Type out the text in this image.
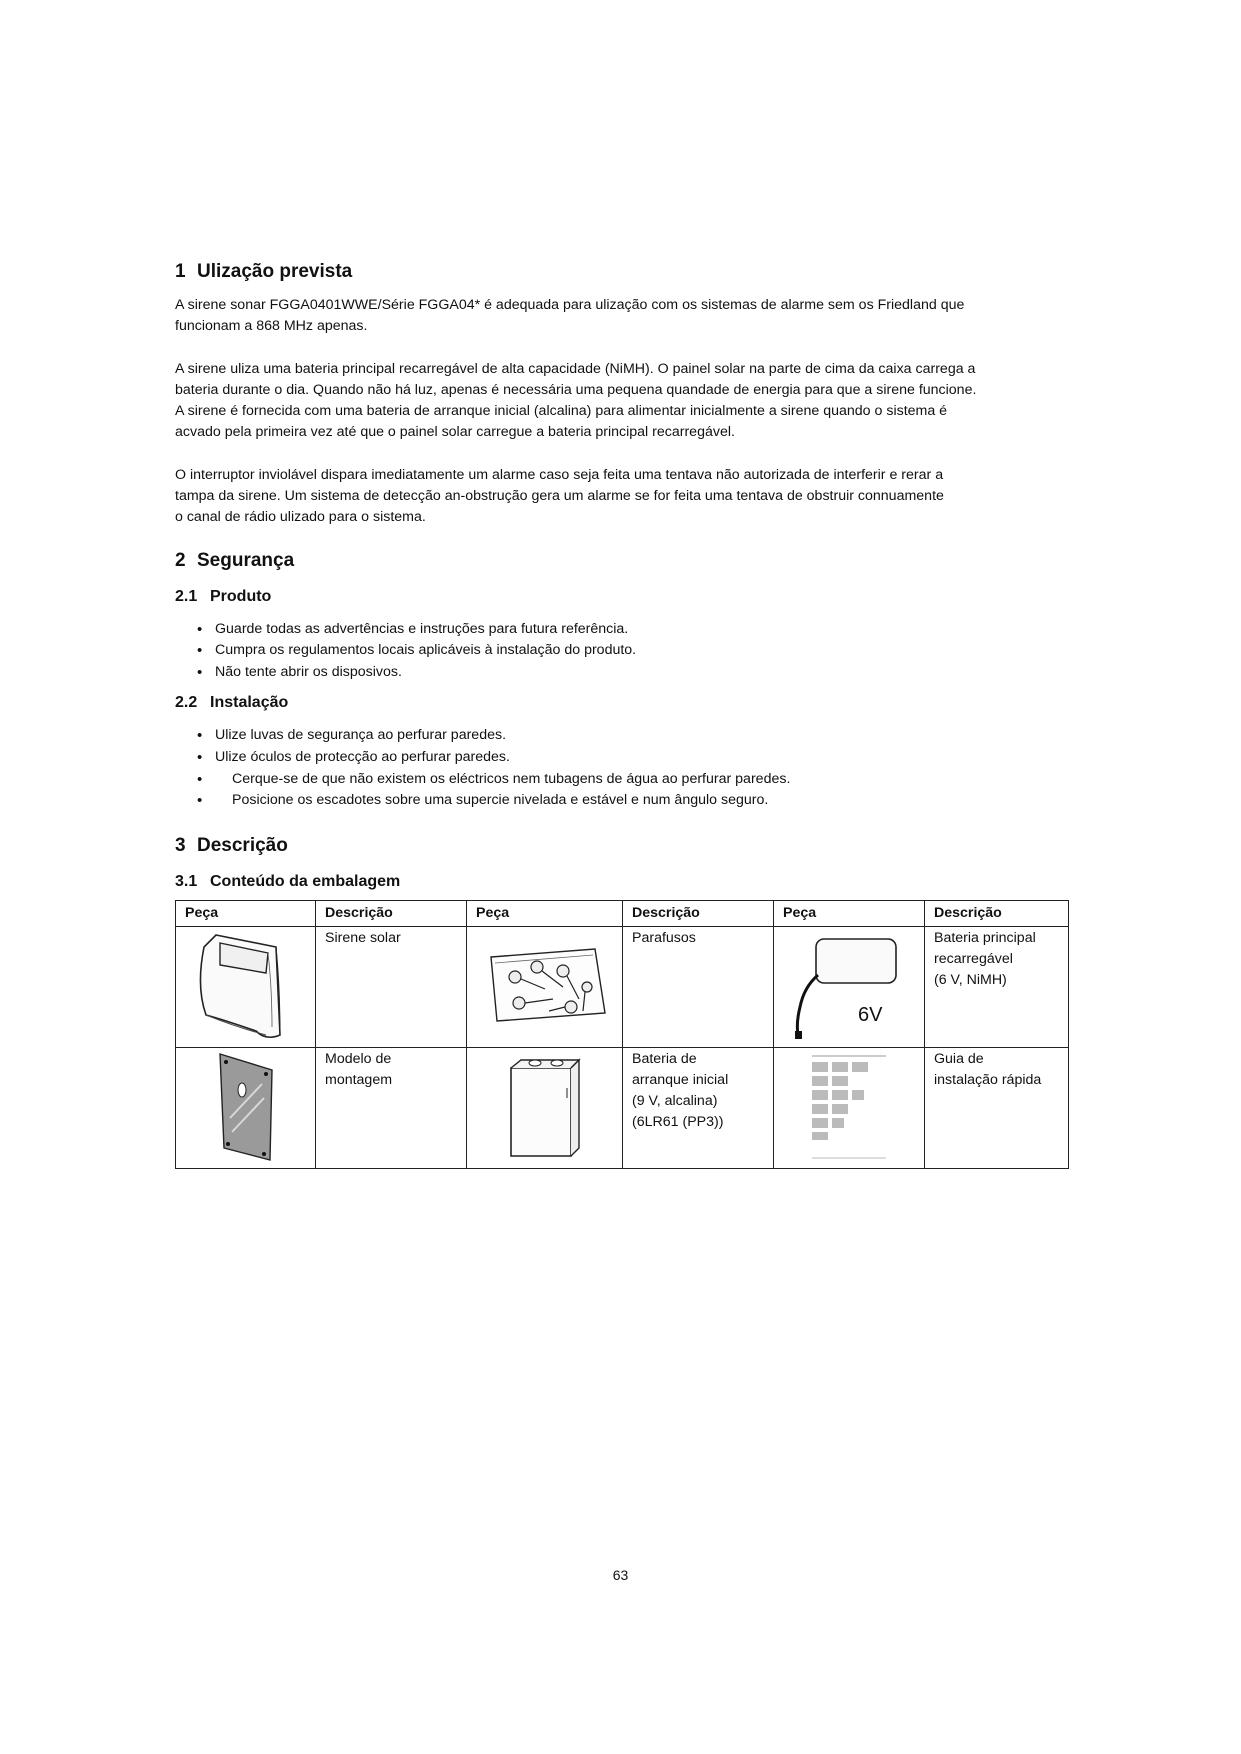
1 Ulização prevista

A sirene sonar FGGA0401WWE/Série FGGA04* é adequada para ulização com os sistemas de alarme sem os Friedland que
funcionam a 868 MHz apenas.

A sirene uliza uma bateria principal recarregável de alta capacidade (NiMH). O painel solar na parte de cima da caixa carrega a
bateria durante o dia. Quando não há luz, apenas é necessária uma pequena quandade de energia para que a sirene funcione.
A sirene é fornecida com uma bateria de arranque inicial (alcalina) para alimentar inicialmente a sirene quando o sistema é
acvado pela primeira vez até que o painel solar carregue a bateria principal recarregável.

O interruptor inviolável dispara imediatamente um alarme caso seja feita uma tentava não autorizada de interferir e rerar a
tampa da sirene. Um sistema de detecção an-obstrução gera um alarme se for feita uma tentava de obstruir connuamente
o canal de rádio ulizado para o sistema.

2 Segurança
2.1 Produto
• Guarde todas as advertências e instruções para futura referência.
• Cumpra os regulamentos locais aplicáveis à instalação do produto.
• Não tente abrir os disposivos.
2.2 Instalação
• Ulize luvas de segurança ao perfurar paredes.
• Ulize óculos de protecção ao perfurar paredes.
• Cerque-se de que não existem os eléctricos nem tubagens de água ao perfurar paredes.
• Posicione os escadotes sobre uma supercie nivelada e estável e num ângulo seguro.
3 Descrição
3.1 Conteúdo da embalagem
Peça	Descrição	Peça	Descrição	Peça	Descrição

	Sirene solar		Parafusos	6V	Bateria principal
recarregável
(6 V, NiMH)

	Modelo de
montagem		Bateria de
arranque inicial
(9 V, alcalina)
(6LR61 (PP3))		Guia de
instalação rápida
63
